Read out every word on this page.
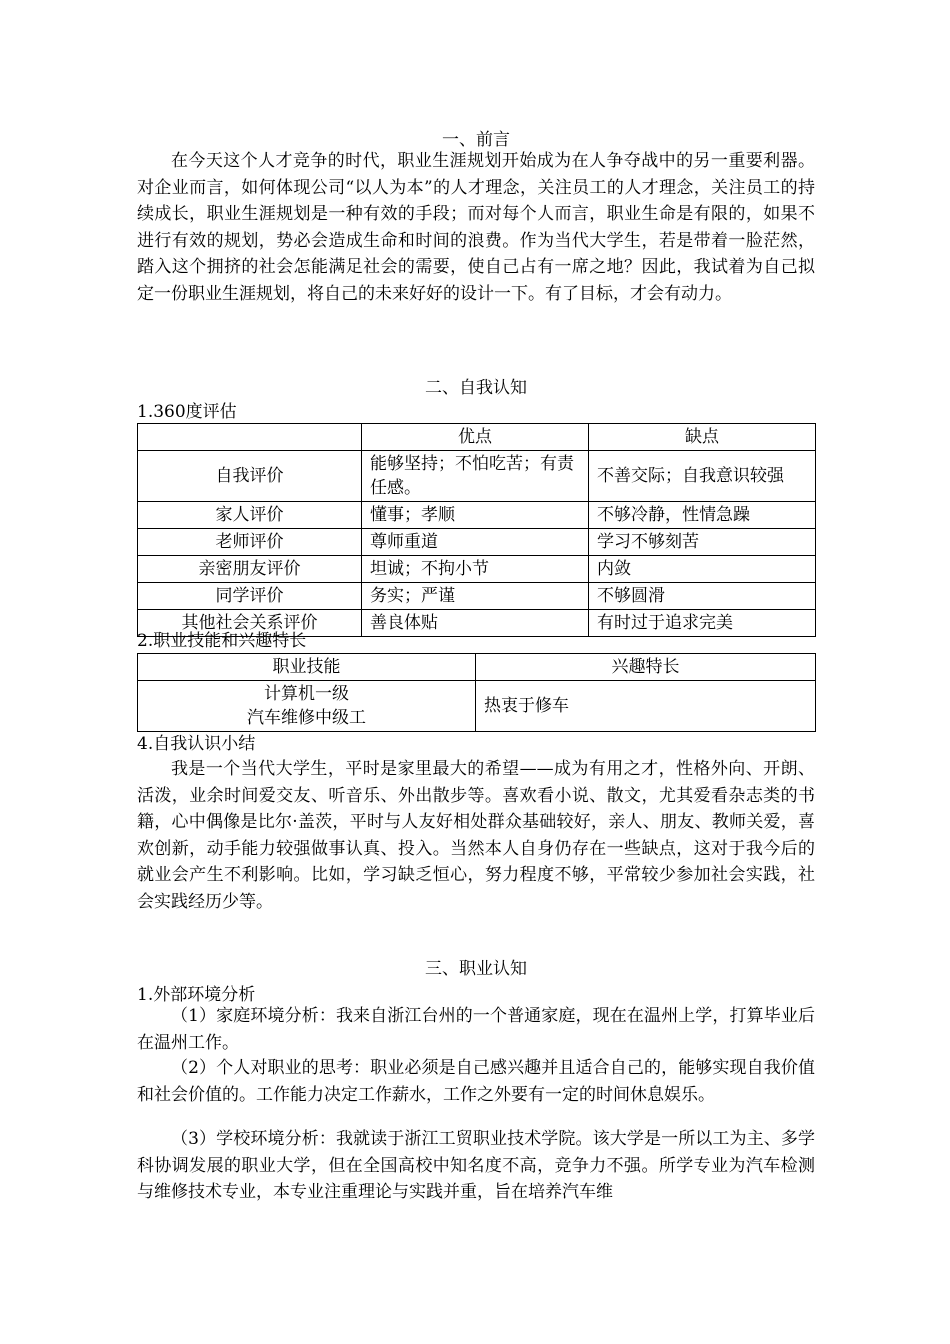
一、前言

在今天这个人才竞争的时代，职业生涯规划开始成为在人争夺战中的另一重要利器。对企业而言，如何体现公司“以人为本”的人才理念，关注员工的人才理念，关注员工的持续成长，职业生涯规划是一种有效的手段；而对每个人而言，职业生命是有限的，如果不进行有效的规划，势必会造成生命和时间的浪费。作为当代大学生，若是带着一脸茫然，踏入这个拥挤的社会怎能满足社会的需要，使自己占有一席之地？因此，我试着为自己拟定一份职业生涯规划，将自己的未来好好的设计一下。有了目标，才会有动力。

二、自我认知
1.360度评估
	优点	缺点
自我评价	能够坚持；不怕吃苦；有责任感。	不善交际；自我意识较强
家人评价	懂事；孝顺	不够冷静，性情急躁
老师评价	尊师重道	学习不够刻苦
亲密朋友评价	坦诚；不拘小节	内敛
同学评价	务实；严谨	不够圆滑
其他社会关系评价	善良体贴	有时过于追求完美
2.职业技能和兴趣特长
职业技能	兴趣特长

计算机一级
汽车维修中级工	热衷于修车
4.自我认识小结

我是一个当代大学生，平时是家里最大的希望——成为有用之才，性格外向、开朗、活泼，业余时间爱交友、听音乐、外出散步等。喜欢看小说、散文，尤其爱看杂志类的书籍，心中偶像是比尔·盖茨，平时与人友好相处群众基础较好，亲人、朋友、教师关爱，喜欢创新，动手能力较强做事认真、投入。当然本人自身仍存在一些缺点，这对于我今后的就业会产生不利影响。比如，学习缺乏恒心，努力程度不够，平常较少参加社会实践，社会实践经历少等。

三、职业认知
1.外部环境分析

（1）家庭环境分析：我来自浙江台州的一个普通家庭，现在在温州上学，打算毕业后在温州工作。

（2）个人对职业的思考：职业必须是自己感兴趣并且适合自己的，能够实现自我价值和社会价值的。工作能力决定工作薪水，工作之外要有一定的时间休息娱乐。

（3）学校环境分析：我就读于浙江工贸职业技术学院。该大学是一所以工为主、多学科协调发展的职业大学，但在全国高校中知名度不高，竞争力不强。所学专业为汽车检测与维修技术专业，本专业注重理论与实践并重，旨在培养汽车维
